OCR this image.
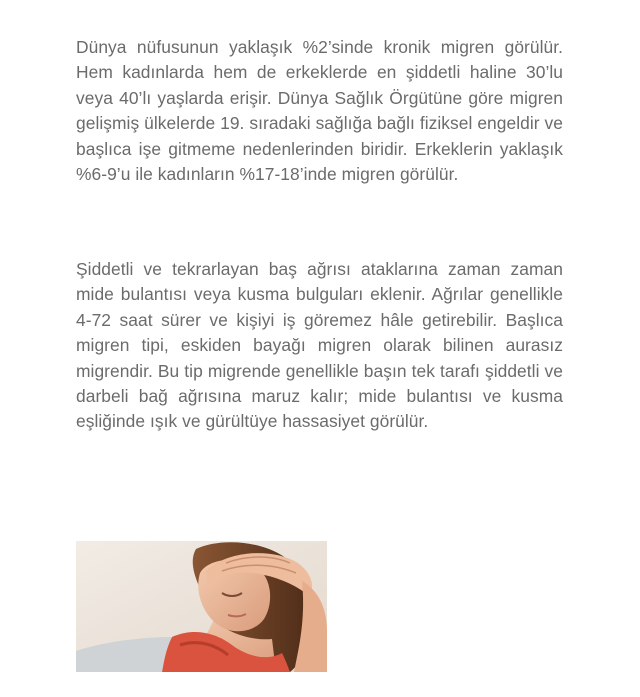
Dünya nüfusunun yaklaşık %2’sinde kronik migren görülür. Hem kadınlarda hem de erkeklerde en şiddetli haline 30’lu veya 40’lı yaşlarda erişir. Dünya Sağlık Örgütüne göre migren gelişmiş ülkelerde 19. sıradaki sağlığa bağlı fiziksel engeldir ve başlıca işe gitmeme nedenlerinden biridir. Erkeklerin yaklaşık %6-9’u ile kadınların %17-18’inde migren görülür.

Şiddetli ve tekrarlayan baş ağrısı ataklarına zaman zaman mide bulantısı veya kusma bulguları eklenir. Ağrılar genellikle 4-72 saat sürer ve kişiyi iş göremez hâle getirebilir. Başlıca migren tipi, eskiden bayağı migren olarak bilinen aurasız migrendir. Bu tip migrende genellikle başın tek tarafı şiddetli ve darbeli bağ ağrısına maruz kalır; mide bulantısı ve kusma eşliğinde ışık ve gürültüye hassasiyet görülür.
